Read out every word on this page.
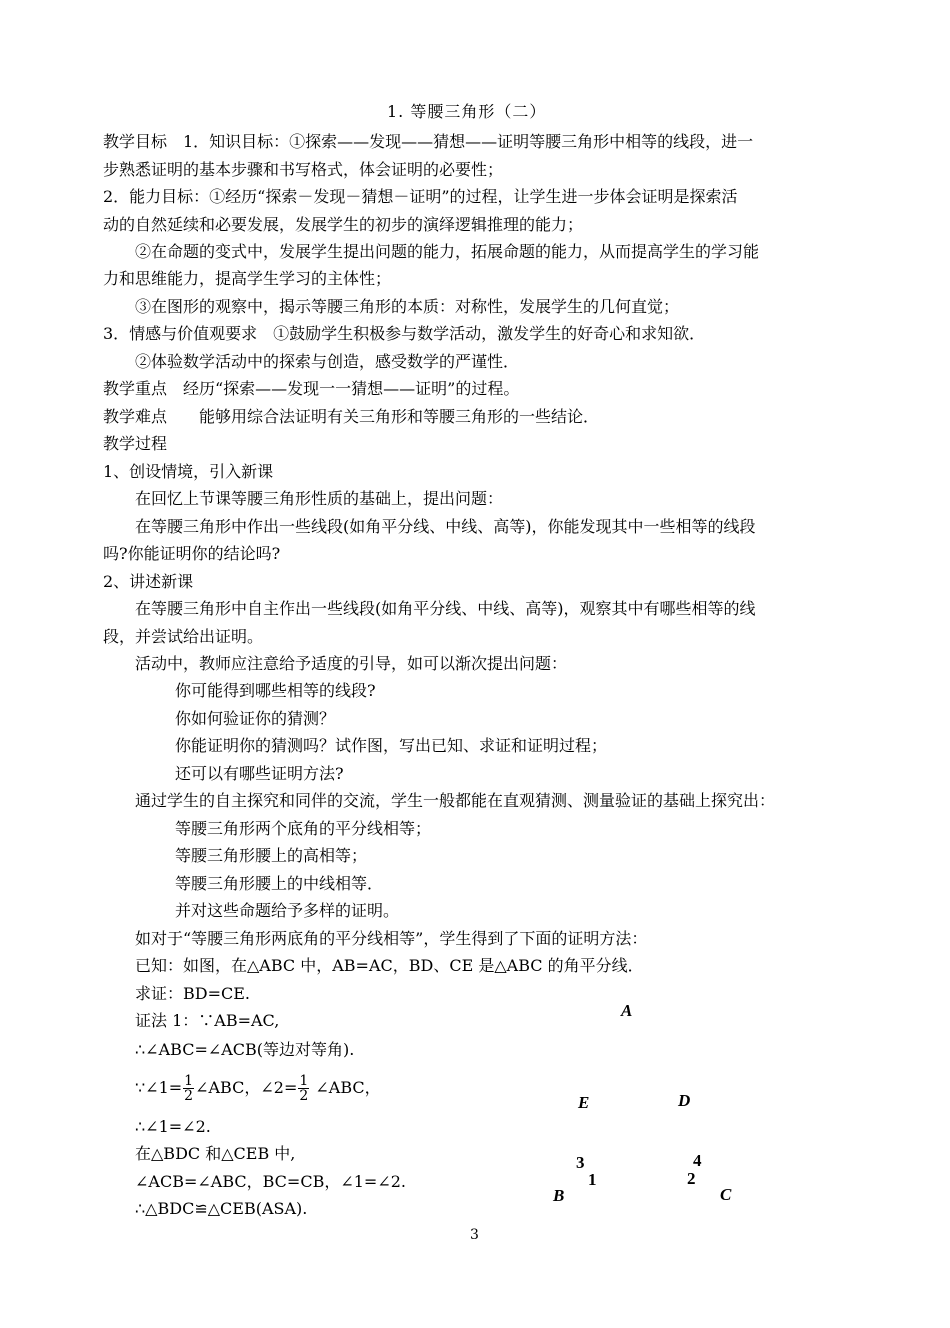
1. 等腰三角形（二）
教学目标　1．知识目标：①探索——发现——猜想——证明等腰三角形中相等的线段，进一
步熟悉证明的基本步骤和书写格式，体会证明的必要性；
2．能力目标：①经历“探索－发现－猜想－证明”的过程，让学生进一步体会证明是探索活
动的自然延续和必要发展，发展学生的初步的演绎逻辑推理的能力；
②在命题的变式中，发展学生提出问题的能力，拓展命题的能力，从而提高学生的学习能
力和思维能力，提高学生学习的主体性；
③在图形的观察中，揭示等腰三角形的本质：对称性，发展学生的几何直觉；
3．情感与价值观要求　①鼓励学生积极参与数学活动，激发学生的好奇心和求知欲．
②体验数学活动中的探索与创造，感受数学的严谨性．
教学重点　经历“探索——发现一一猜想——证明”的过程。
教学难点　　能够用综合法证明有关三角形和等腰三角形的一些结论．
教学过程
1、创设情境，引入新课
在回忆上节课等腰三角形性质的基础上，提出问题：
在等腰三角形中作出一些线段(如角平分线、中线、高等)，你能发现其中一些相等的线段
吗?你能证明你的结论吗?
2、讲述新课
在等腰三角形中自主作出一些线段(如角平分线、中线、高等)，观察其中有哪些相等的线
段，并尝试给出证明。
活动中，教师应注意给予适度的引导，如可以渐次提出问题：
你可能得到哪些相等的线段?
你如何验证你的猜测？
你能证明你的猜测吗？试作图，写出已知、求证和证明过程；
还可以有哪些证明方法?
通过学生的自主探究和同伴的交流，学生一般都能在直观猜测、测量验证的基础上探究出：
等腰三角形两个底角的平分线相等；
等腰三角形腰上的高相等；
等腰三角形腰上的中线相等．
并对这些命题给予多样的证明。
如对于“等腰三角形两底角的平分线相等”，学生得到了下面的证明方法：
已知：如图，在△ABC 中，AB=AC，BD、CE 是△ABC 的角平分线．
求证：BD=CE.
证法 1：∵AB=AC,
∴∠ABC=∠ACB(等边对等角).
∵∠1= $\frac{1}{2}$ ∠ABC，∠2= $\frac{1}{2}$ ∠ABC，
∴∠1=∠2.
在△BDC 和△CEB 中,
∠ACB=∠ABC，BC=CB，∠1=∠2.
∴△BDC≌△CEB(ASA).
A
E	D
3	4
1	2
B	C
3
